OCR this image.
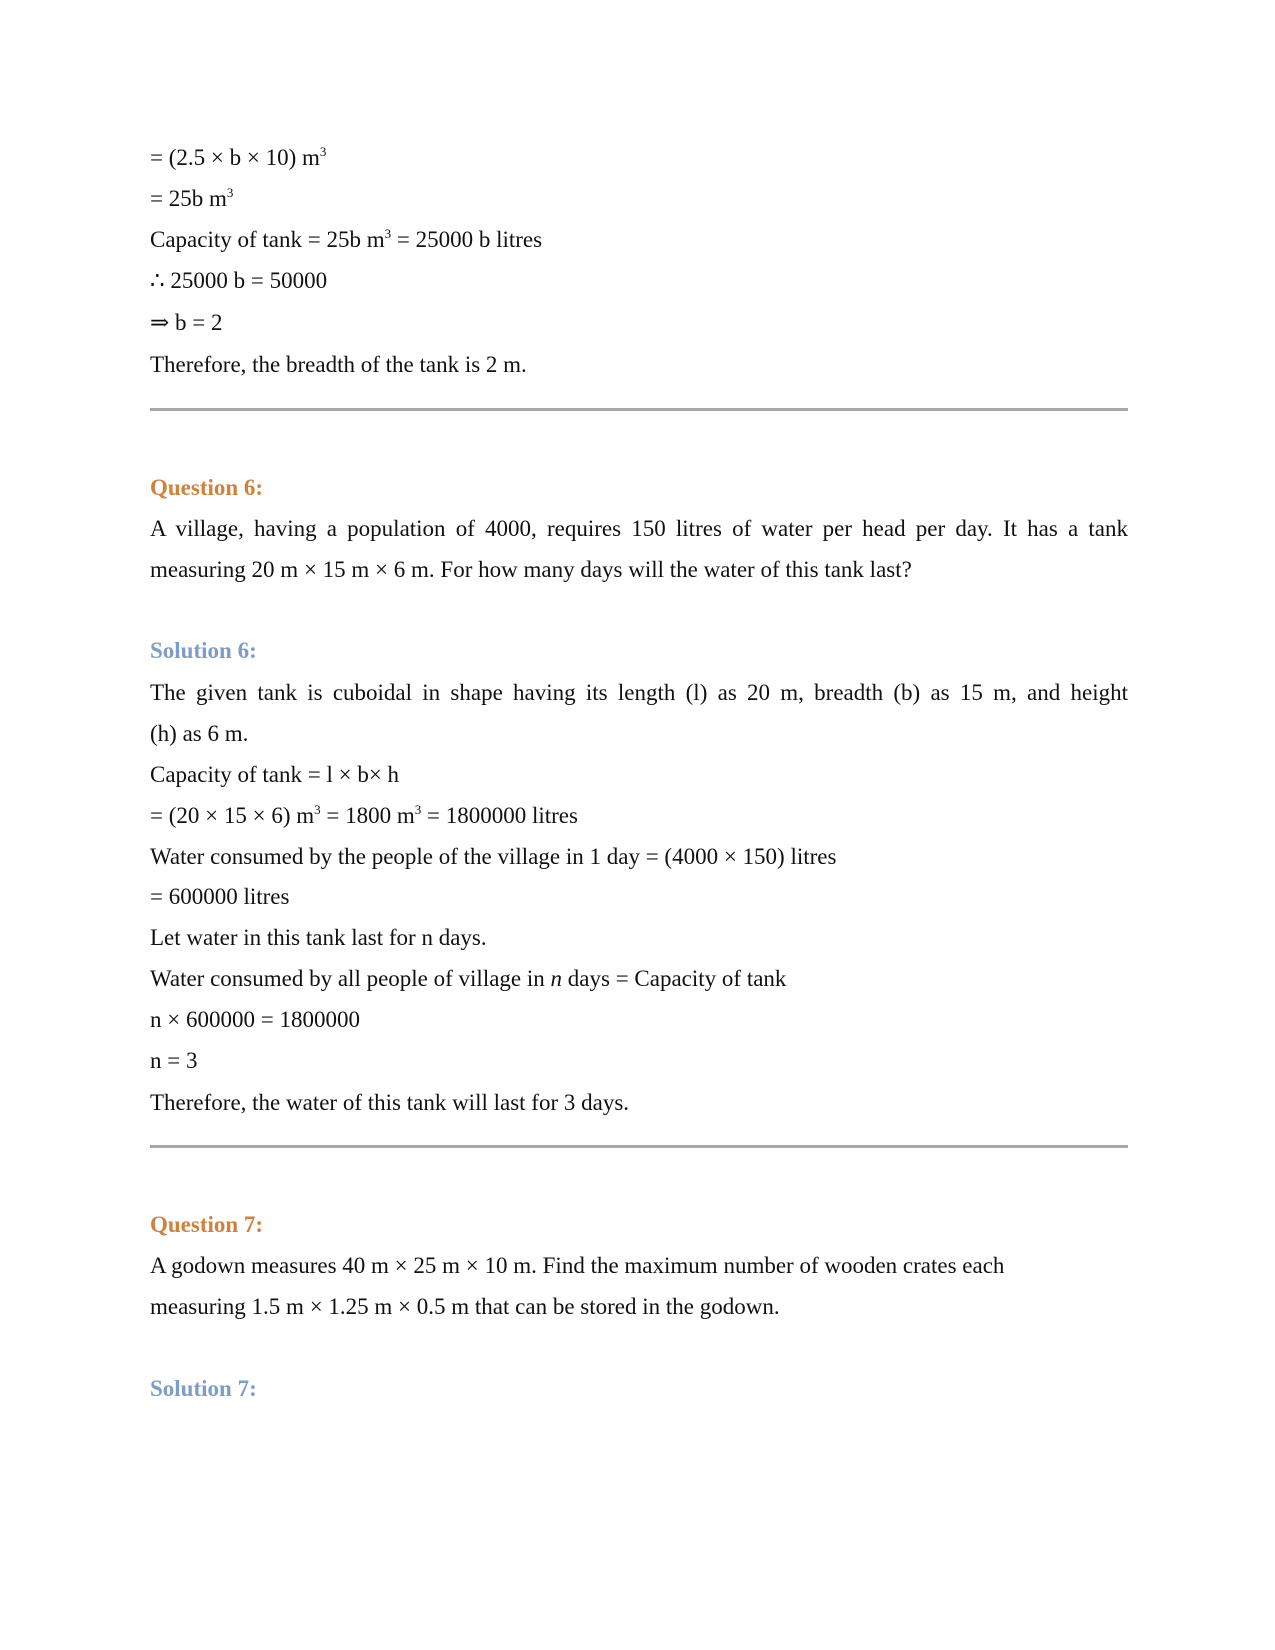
= (2.5 × b × 10) $m^3$
= 25b $m^3$
Capacity of tank = 25b $m^3 = 25000$ b litres
∴ 25000 b = 50000
⇒ b = 2
Therefore, the breadth of the tank is 2 m.
Question 6:
A village, having a population of 4000, requires 150 litres of water per head per day. It has a tank
measuring 20 m × 15 m × 6 m. For how many days will the water of this tank last?
Solution 6:
The given tank is cuboidal in shape having its length (l) as 20 m, breadth (b) as 15 m, and height
(h) as 6 m.
Capacity of tank = l × b× h
= (20 × 15 × 6) $m^3 = 1800$ $m^3 = 1800000$ litres
Water consumed by the people of the village in 1 day = (4000 × 150) litres
= 600000 litres
Let water in this tank last for n days.
Water consumed by all people of village in n days = Capacity of tank
n × 600000 = 1800000
n = 3
Therefore, the water of this tank will last for 3 days.
Question 7:
A godown measures 40 m × 25 m × 10 m. Find the maximum number of wooden crates each
measuring 1.5 m × 1.25 m × 0.5 m that can be stored in the godown.
Solution 7:
